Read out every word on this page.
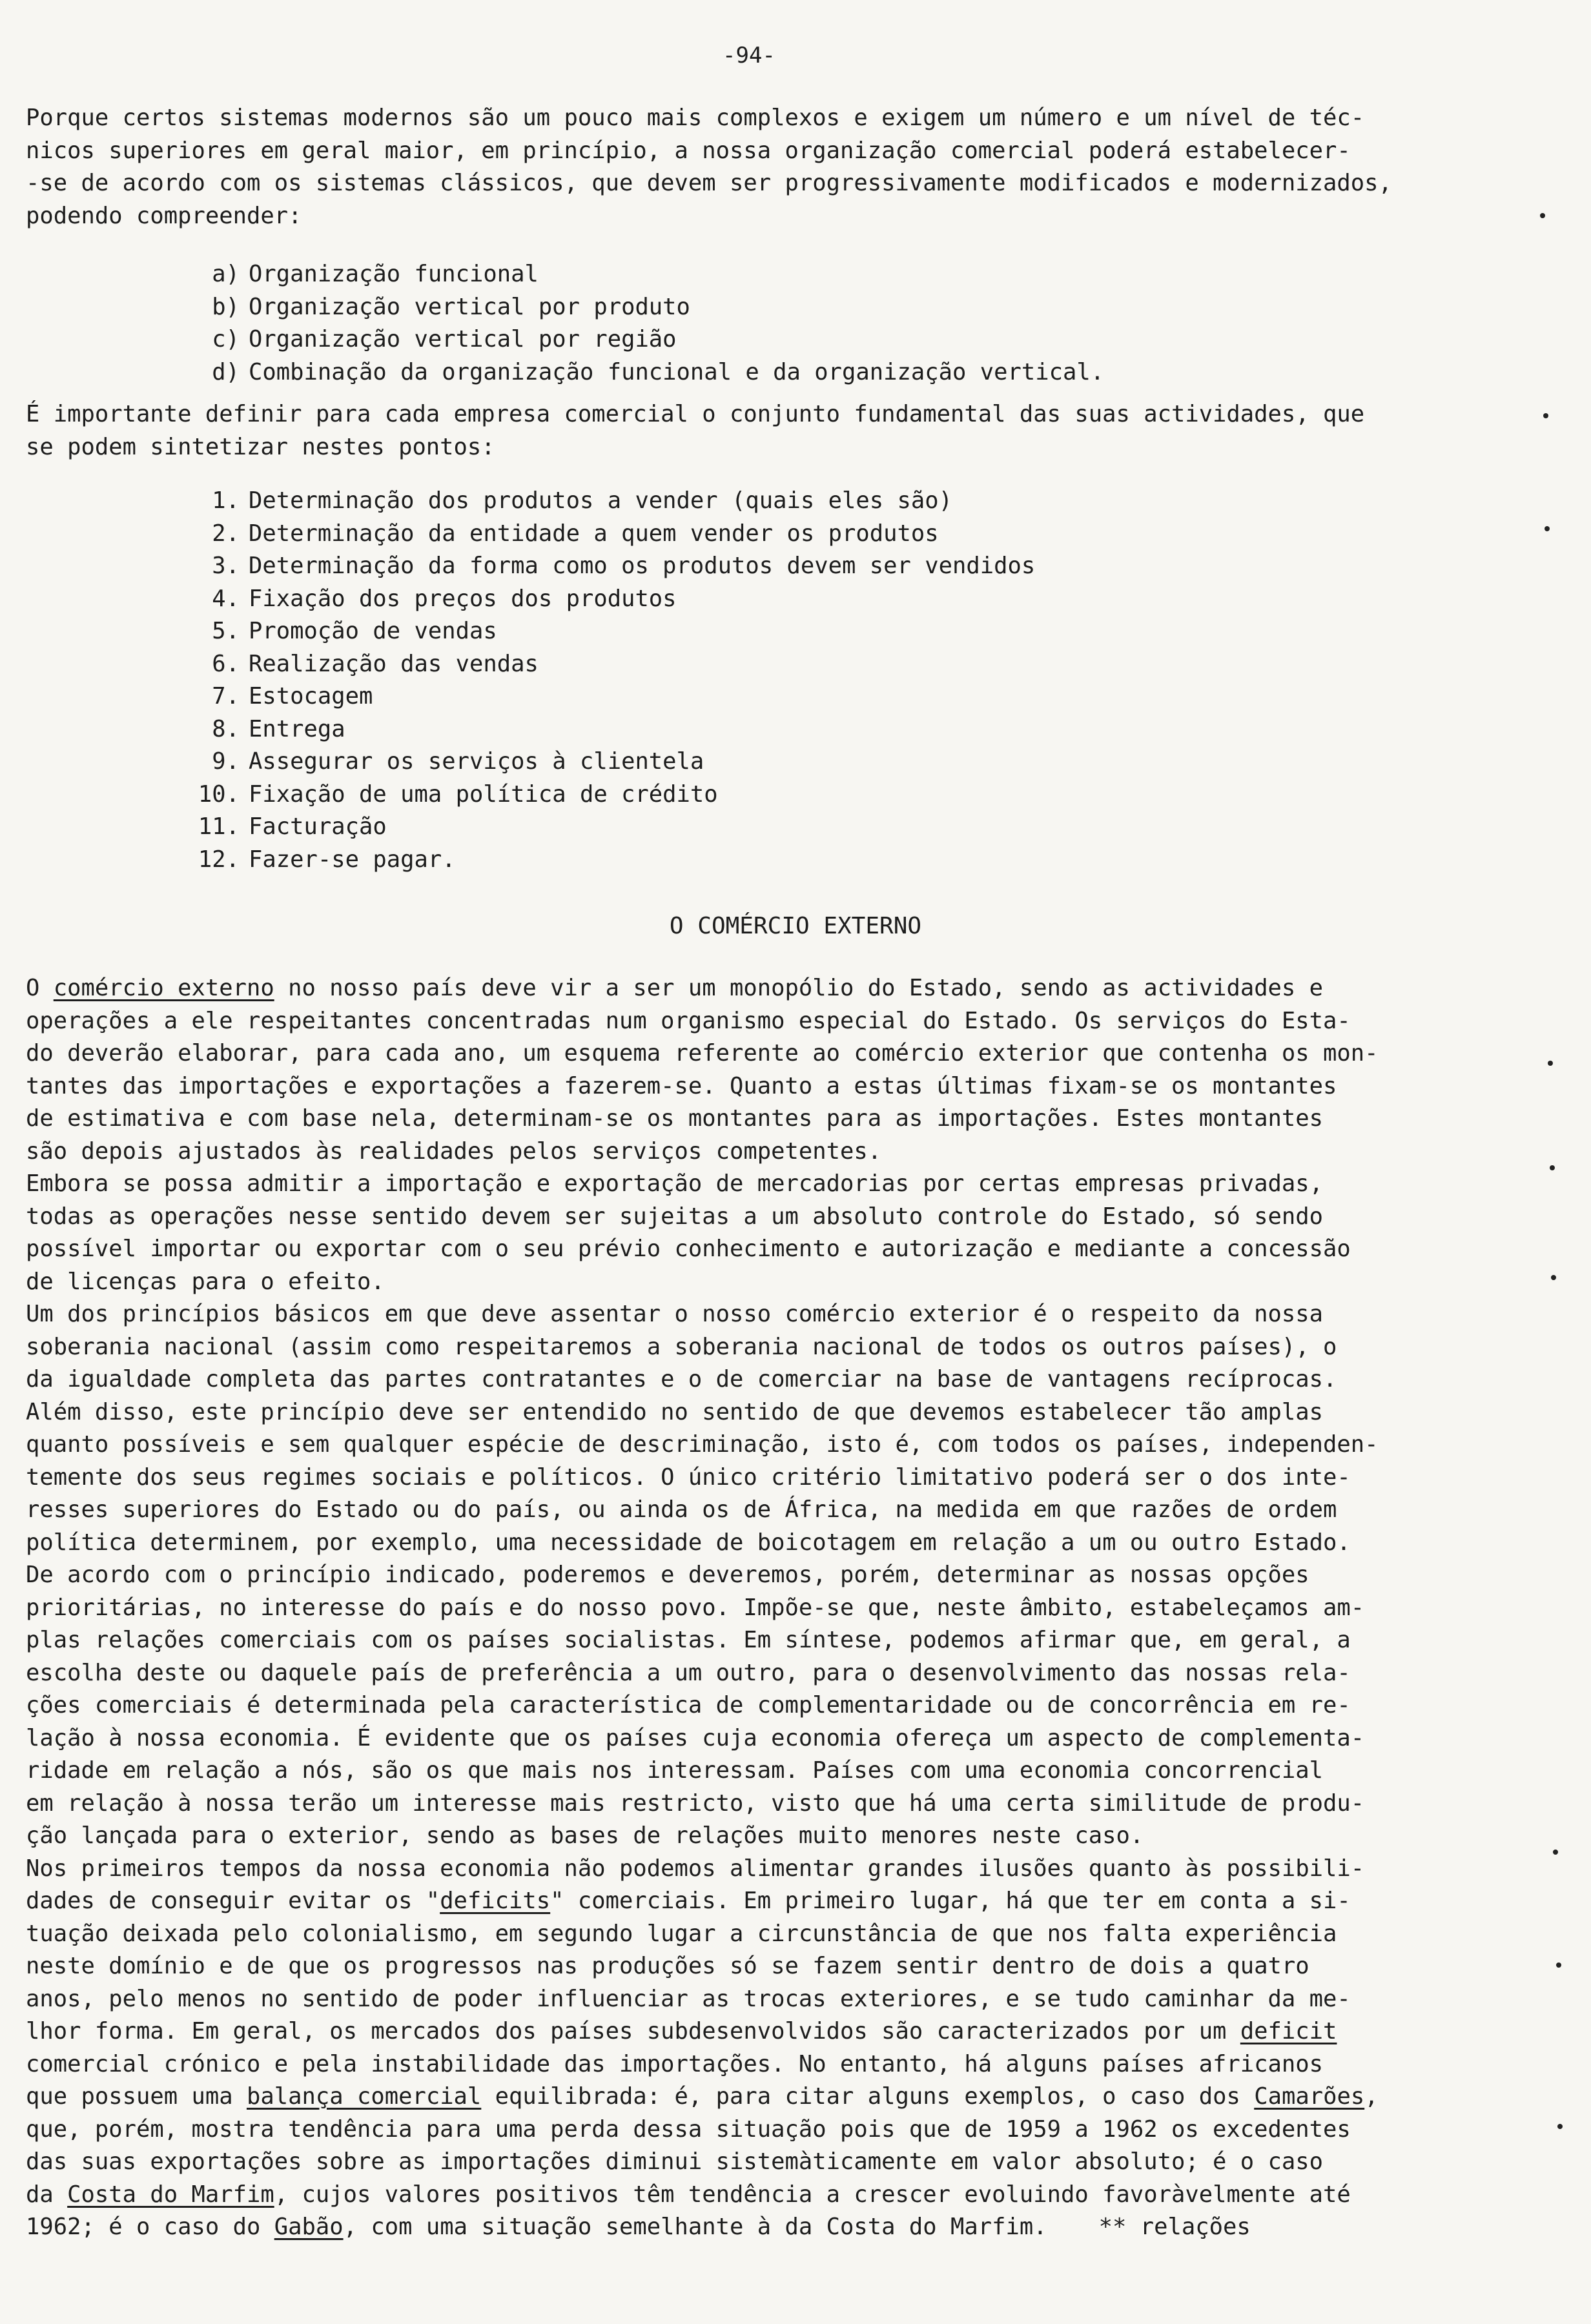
-94-
Porque certos sistemas modernos são um pouco mais complexos e exigem um número e um nível de téc-
nicos superiores em geral maior, em princípio, a nossa organização comercial poderá estabelecer-
-se de acordo com os sistemas clássicos, que devem ser progressivamente modificados e modernizados,
podendo compreender:
a) Organização funcional
b) Organização vertical por produto
c) Organização vertical por região
d) Combinação da organização funcional e da organização vertical.
É importante definir para cada empresa comercial o conjunto fundamental das suas actividades, que
se podem sintetizar nestes pontos:
1. Determinação dos produtos a vender (quais eles são)
2. Determinação da entidade a quem vender os produtos
3. Determinação da forma como os produtos devem ser vendidos
4. Fixação dos preços dos produtos
5. Promoção de vendas
6. Realização das vendas
7. Estocagem
8. Entrega
9. Assegurar os serviços à clientela
10. Fixação de uma política de crédito
11. Facturação
12. Fazer-se pagar.
O COMÉRCIO EXTERNO
O comércio externo no nosso país deve vir a ser um monopólio do Estado, sendo as actividades e
operações a ele respeitantes concentradas num organismo especial do Estado. Os serviços do Esta-
do deverão elaborar, para cada ano, um esquema referente ao comércio exterior que contenha os mon-
tantes das importações e exportações a fazerem-se. Quanto a estas últimas fixam-se os montantes
de estimativa e com base nela, determinam-se os montantes para as importações. Estes montantes
são depois ajustados às realidades pelos serviços competentes.
Embora se possa admitir a importação e exportação de mercadorias por certas empresas privadas,
todas as operações nesse sentido devem ser sujeitas a um absoluto controle do Estado, só sendo
possível importar ou exportar com o seu prévio conhecimento e autorização e mediante a concessão
de licenças para o efeito.
Um dos princípios básicos em que deve assentar o nosso comércio exterior é o respeito da nossa
soberania nacional (assim como respeitaremos a soberania nacional de todos os outros países), o
da igualdade completa das partes contratantes e o de comerciar na base de vantagens recíprocas.
Além disso, este princípio deve ser entendido no sentido de que devemos estabelecer tão amplas
quanto possíveis e sem qualquer espécie de descriminação, isto é, com todos os países, independen-
temente dos seus regimes sociais e políticos. O único critério limitativo poderá ser o dos inte-
resses superiores do Estado ou do país, ou ainda os de África, na medida em que razões de ordem
política determinem, por exemplo, uma necessidade de boicotagem em relação a um ou outro Estado.
De acordo com o princípio indicado, poderemos e deveremos, porém, determinar as nossas opções
prioritárias, no interesse do país e do nosso povo. Impõe-se que, neste âmbito, estabeleçamos am-
plas relações comerciais com os países socialistas. Em síntese, podemos afirmar que, em geral, a
escolha deste ou daquele país de preferência a um outro, para o desenvolvimento das nossas rela-
ções comerciais é determinada pela característica de complementaridade ou de concorrência em re-
lação à nossa economia. É evidente que os países cuja economia ofereça um aspecto de complementa-
ridade em relação a nós, são os que mais nos interessam. Países com uma economia concorrencial
em relação à nossa terão um interesse mais restricto, visto que há uma certa similitude de produ-
ção lançada para o exterior, sendo as bases de relações muito menores neste caso.
Nos primeiros tempos da nossa economia não podemos alimentar grandes ilusões quanto às possibili-
dades de conseguir evitar os "deficits" comerciais. Em primeiro lugar, há que ter em conta a si-
tuação deixada pelo colonialismo, em segundo lugar a circunstância de que nos falta experiência
neste domínio e de que os progressos nas produções só se fazem sentir dentro de dois a quatro
anos, pelo menos no sentido de poder influenciar as trocas exteriores, e se tudo caminhar da me-
lhor forma. Em geral, os mercados dos países subdesenvolvidos são caracterizados por um deficit
comercial crónico e pela instabilidade das importações. No entanto, há alguns países africanos
que possuem uma balança comercial equilibrada: é, para citar alguns exemplos, o caso dos Camarões,
que, porém, mostra tendência para uma perda dessa situação pois que de 1959 a 1962 os excedentes
das suas exportações sobre as importações diminui sistemàticamente em valor absoluto; é o caso
da Costa do Marfim, cujos valores positivos têm tendência a crescer evoluindo favoràvelmente até
1962; é o caso do Gabão, com uma situação semelhante à da Costa do Marfim. ** relações
